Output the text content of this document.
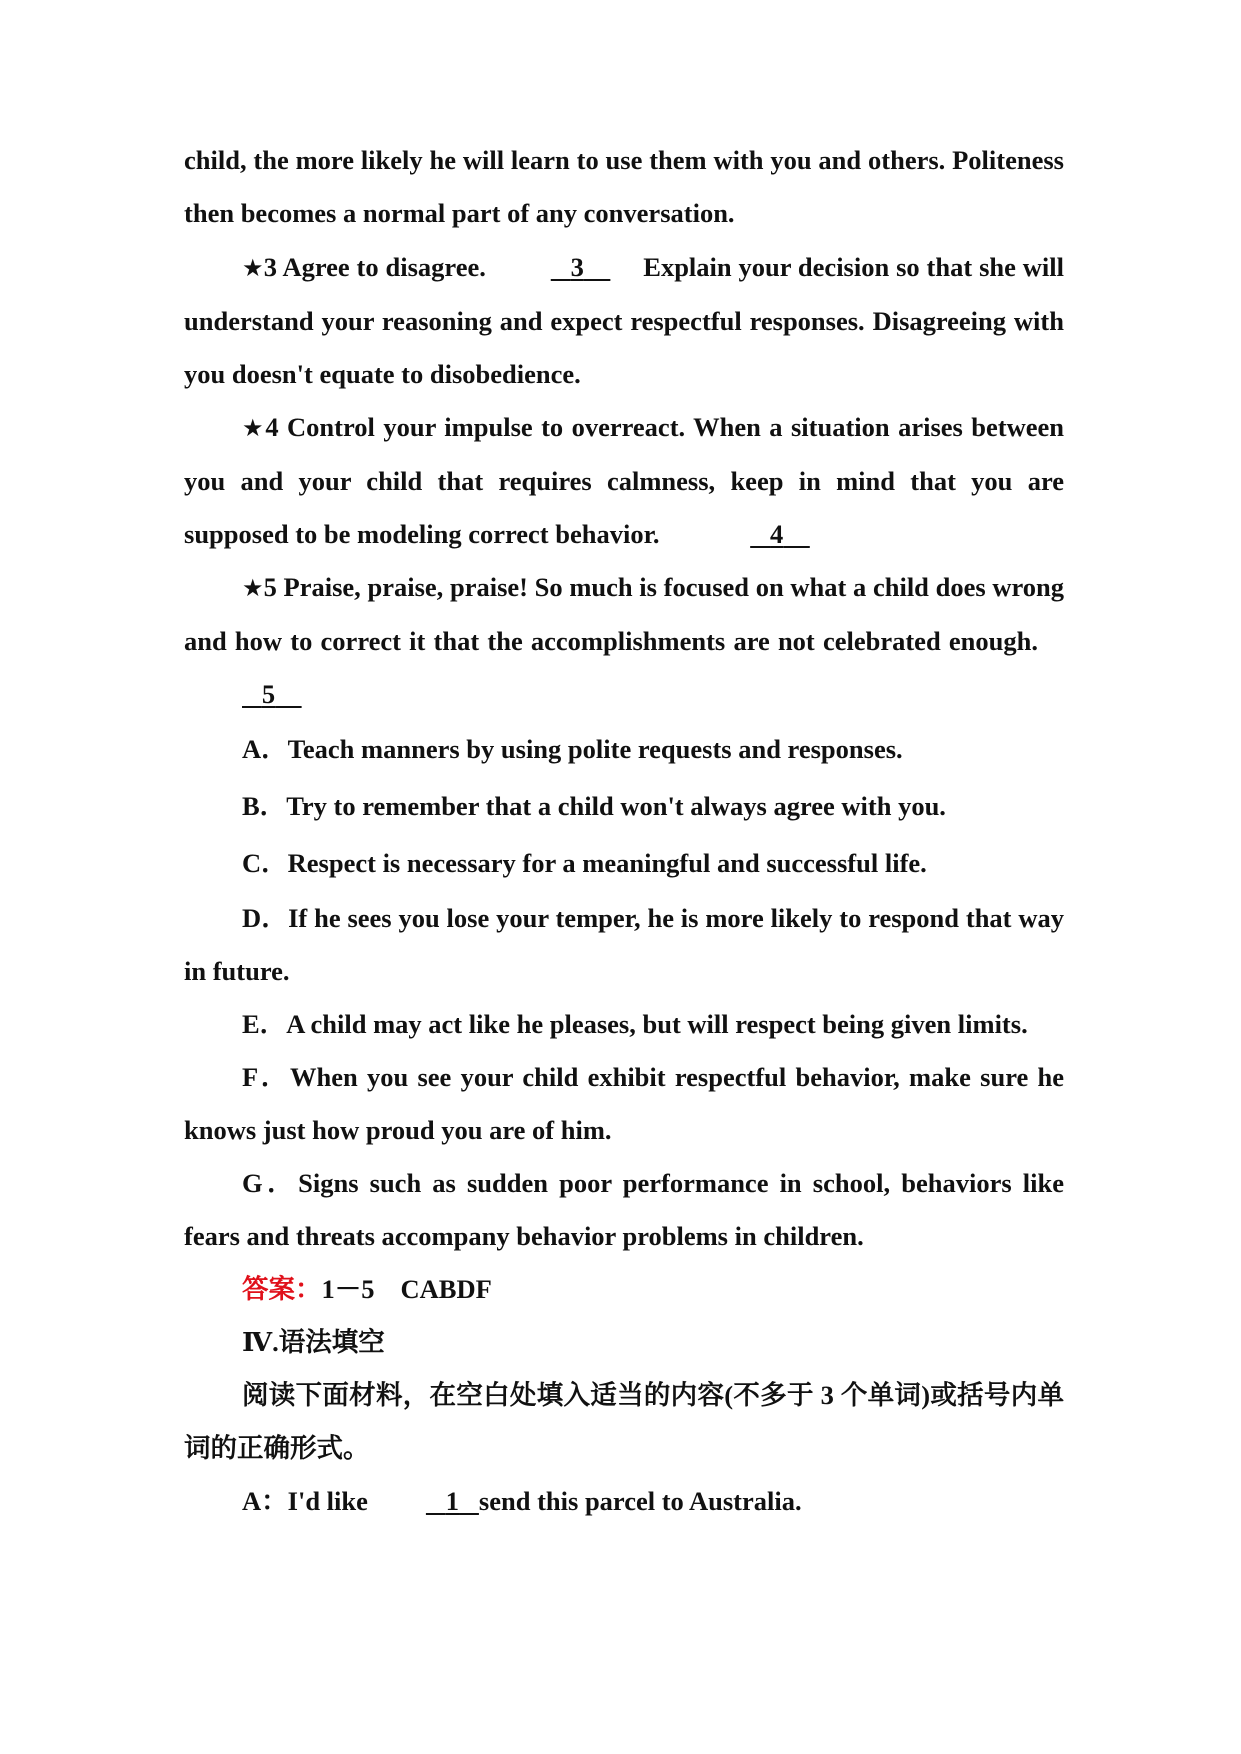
child, the more likely he will learn to use them with you and others. Politeness then becomes a normal part of any conversation.

★3 Agree to disagree.	3 Explain your decision so that she will understand your reasoning and expect respectful responses. Disagreeing with you doesn't equate to disobedience.

★4 Control your impulse to overreact. When a situation arises between you and your child that requires calmness, keep in mind that you are supposed to be modeling correct behavior.	4

★5 Praise, praise, praise! So much is focused on what a child does wrong and how to correct it that the accomplishments are not celebrated enough.    5

A．Teach manners by using polite requests and responses.

B．Try to remember that a child won't always agree with you.

C．Respect is necessary for a meaningful and successful life.

D．If he sees you lose your temper, he is more likely to respond that way in future.

E．A child may act like he pleases, but will respect being given limits.

F．When you see your child exhibit respectful behavior, make sure he knows just how proud you are of him.

G．Signs such as sudden poor performance in school, behaviors like fears and threats accompany behavior problems in children.

答案：1－5 CABDF

Ⅳ.语法填空

阅读下面材料，在空白处填入适当的内容(不多于 3 个单词)或括号内单词的正确形式。

A：I'd like	1 send this parcel to Australia.
